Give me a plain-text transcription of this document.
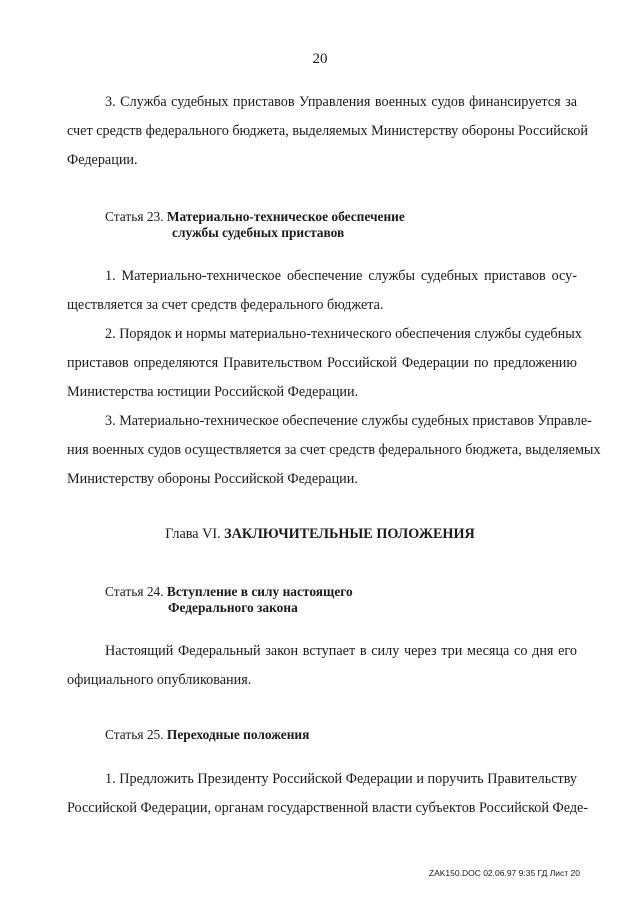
20
3. Служба судебных приставов Управления военных судов финансируется за
счет средств федерального бюджета, выделяемых Министерству обороны Российской
Федерации.
Статья 23. Материально-техническое обеспечение
службы судебных приставов
1. Материально-техническое обеспечение службы судебных приставов осу-
ществляется за счет средств федерального бюджета.
2. Порядок и нормы материально-технического обеспечения службы судебных
приставов определяются Правительством Российской Федерации по предложению
Министерства юстиции Российской Федерации.
3. Материально-техническое обеспечение службы судебных приставов Управле-
ния военных судов осуществляется за счет средств федерального бюджета, выделяемых
Министерству обороны Российской Федерации.
Глава VI. ЗАКЛЮЧИТЕЛЬНЫЕ ПОЛОЖЕНИЯ
Статья 24. Вступление в силу настоящего
Федерального закона
Настоящий Федеральный закон вступает в силу через три месяца со дня его
официального опубликования.
Статья 25. Переходные положения
1. Предложить Президенту Российской Федерации и поручить Правительству
Российской Федерации, органам государственной власти субъектов Российской Феде-
ZAK150.DOC 02.06.97 9:35 ГД Лист 20
